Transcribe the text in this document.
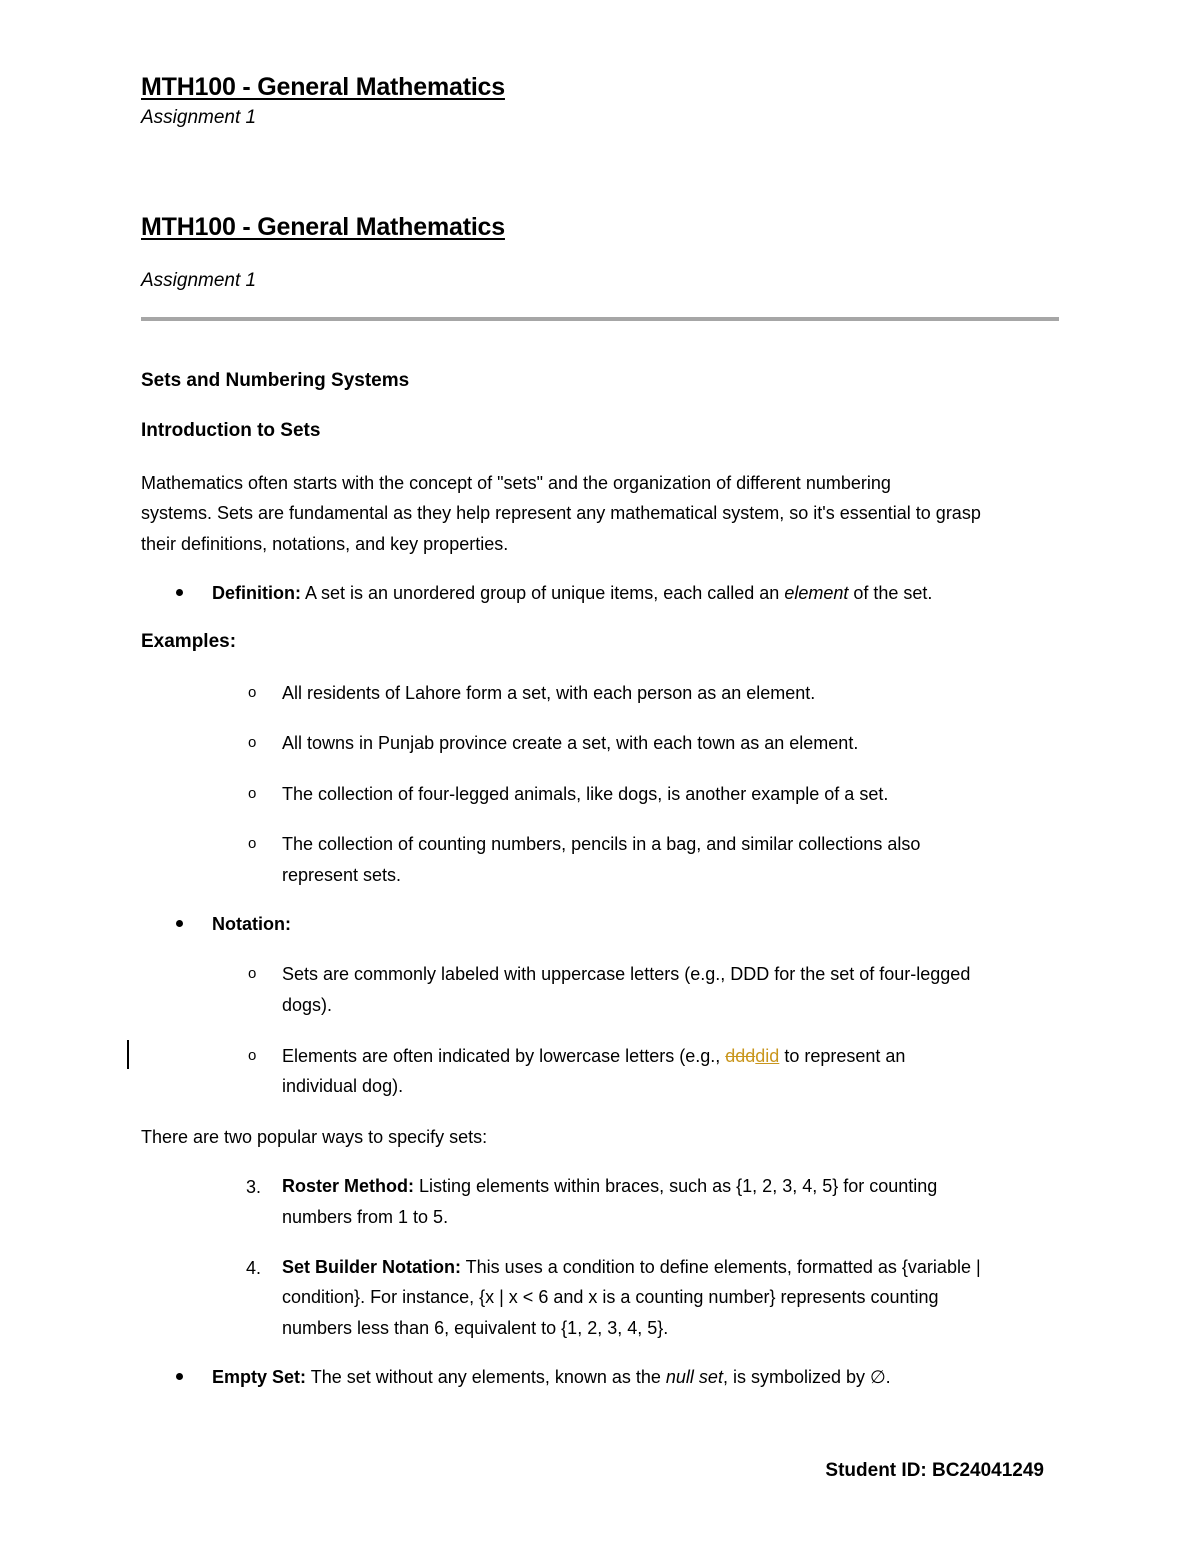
MTH100 - General Mathematics
Assignment 1
MTH100 - General Mathematics
Assignment 1
Sets and Numbering Systems
Introduction to Sets
Mathematics often starts with the concept of "sets" and the organization of different numbering
systems. Sets are fundamental as they help represent any mathematical system, so it's essential to grasp
their definitions, notations, and key properties.
Definition: A set is an unordered group of unique items, each called an element of the set.
Examples:
o All residents of Lahore form a set, with each person as an element.
o All towns in Punjab province create a set, with each town as an element.
o The collection of four-legged animals, like dogs, is another example of a set.
o The collection of counting numbers, pencils in a bag, and similar collections also
represent sets.
Notation:
o Sets are commonly labeled with uppercase letters (e.g., DDD for the set of four-legged
dogs).
o Elements are often indicated by lowercase letters (e.g., ddddid to represent an
individual dog).
There are two popular ways to specify sets:
3. Roster Method: Listing elements within braces, such as {1, 2, 3, 4, 5} for counting
numbers from 1 to 5.
4. Set Builder Notation: This uses a condition to define elements, formatted as {variable |
condition}. For instance, {x | x < 6 and x is a counting number} represents counting
numbers less than 6, equivalent to {1, 2, 3, 4, 5}.
Empty Set: The set without any elements, known as the null set, is symbolized by ∅.
Student ID: BC24041249
